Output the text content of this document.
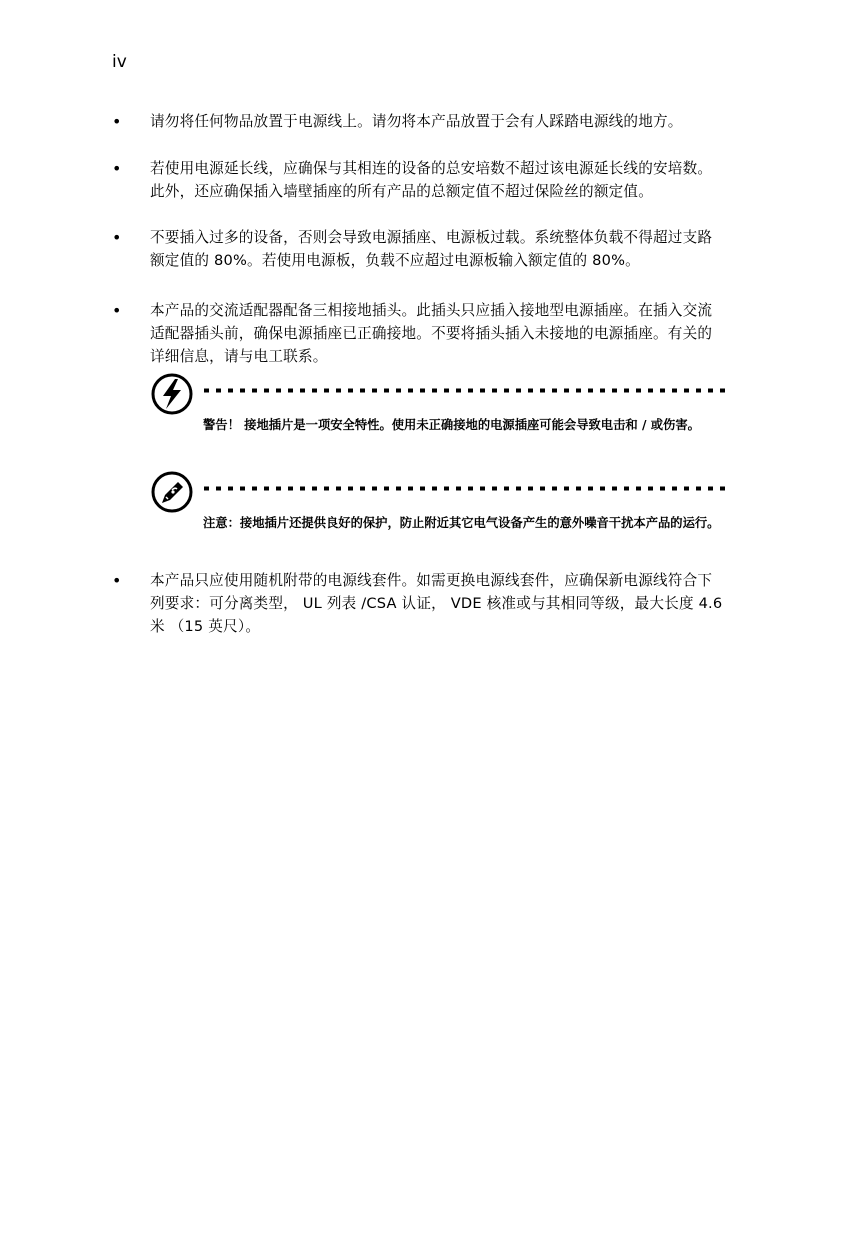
iv
• 请勿将任何物品放置于电源线上。请勿将本产品放置于会有人踩踏电源线的地方。
• 若使用电源延长线，应确保与其相连的设备的总安培数不超过该电源延长线的安培数。此外，还应确保插入墙壁插座的所有产品的总额定值不超过保险丝的额定值。
• 不要插入过多的设备，否则会导致电源插座、电源板过载。系统整体负载不得超过支路额定值的 80%。若使用电源板，负载不应超过电源板输入额定值的 80%。
• 本产品的交流适配器配备三相接地插头。此插头只应插入接地型电源插座。在插入交流适配器插头前，确保电源插座已正确接地。不要将插头插入未接地的电源插座。有关的详细信息，请与电工联系。
警告！ 接地插片是一项安全特性。使用未正确接地的电源插座可能会导致电击和 / 或伤害。
注意：接地插片还提供良好的保护，防止附近其它电气设备产生的意外噪音干扰本产品的运行。
• 本产品只应使用随机附带的电源线套件。如需更换电源线套件，应确保新电源线符合下列要求：可分离类型， UL 列表 /CSA 认证， VDE 核准或与其相同等级，最大长度 4.6 米 （15 英尺）。
